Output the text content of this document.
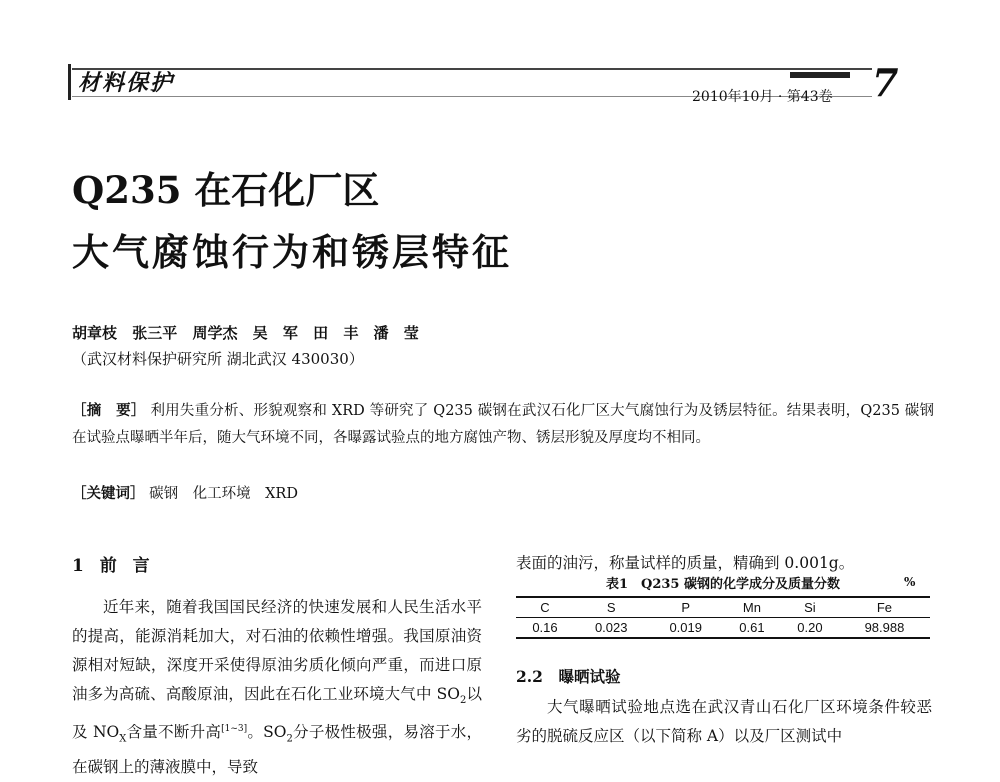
材料保护
2010年10月 · 第43卷 7
Q235 在石化厂区
大气腐蚀行为和锈层特征
胡章枝 张三平 周学杰 吴 军 田 丰 潘 莹
（武汉材料保护研究所 湖北武汉 430030）
［摘　要］ 利用失重分析、形貌观察和 XRD 等研究了 Q235 碳钢在武汉石化厂区大气腐蚀行为及锈层特征。结果表明，Q235 碳钢在试验点曝晒半年后，随大气环境不同，各曝露试验点的地方腐蚀产物、锈层形貌及厚度均不相同。
［关键词］ 碳钢　化工环境　XRD
1 前 言

近年来，随着我国国民经济的快速发展和人民生活水平的提高，能源消耗加大，对石油的依赖性增强。我国原油资源相对短缺，深度开采使得原油劣质化倾向严重，而进口原油多为高硫、高酸原油，因此在石化工业环境大气中 $SO_2$以及 $NO_X$含量不断升高[1~3]。$SO_2$分子极性极强，易溶于水，在碳钢上的薄液膜中，导致

表面的油污，称量试样的质量，精确到 0.001g。
表1　Q235 碳钢的化学成分及质量分数	%
C	S	P	Mn	Si	Fe
0.16	0.023	0.019	0.61	0.20	98.988
2.2　曝晒试验

大气曝晒试验地点选在武汉青山石化厂区环境条件较恶劣的脱硫反应区（以下简称 A）以及厂区测试中
